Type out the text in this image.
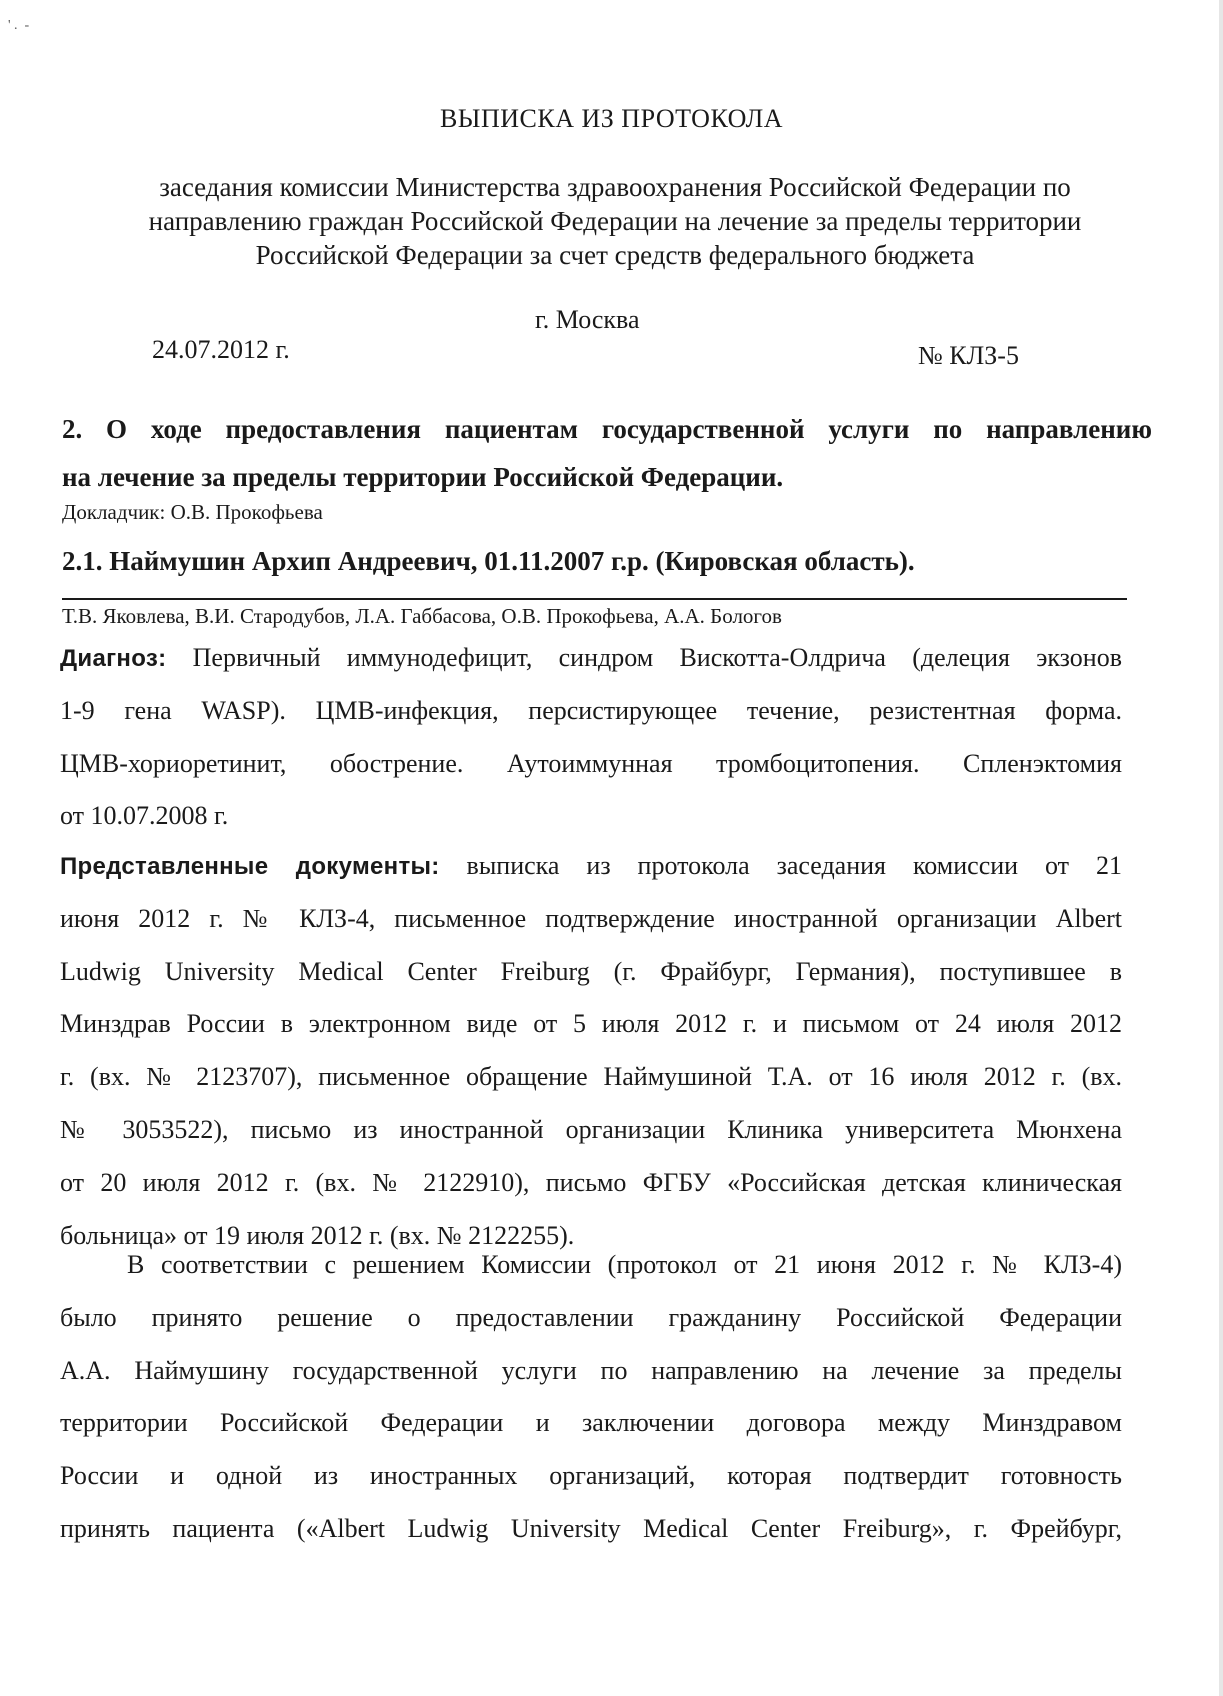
' .  -
ВЫПИСКА ИЗ ПРОТОКОЛА
заседания комиссии Министерства здравоохранения Российской Федерации по
направлению граждан Российской Федерации на лечение за пределы территории
Российской Федерации за счет средств федерального бюджета
г. Москва
24.07.2012 г.	№ КЛЗ-5
2. О ходе предоставления пациентам государственной услуги по направлению
на лечение за пределы территории Российской Федерации.
Докладчик: О.В. Прокофьева
2.1. Наймушин Архип Андреевич, 01.11.2007 г.р. (Кировская область).
Т.В. Яковлева, В.И. Стародубов, Л.А. Габбасова, О.В. Прокофьева, А.А. Бологов
Диагноз: Первичный иммунодефицит, синдром Вискотта-Олдрича (делеция экзонов
1-9 гена WASP). ЦМВ-инфекция, персистирующее течение, резистентная форма.
ЦМВ-хориоретинит, обострение. Аутоиммунная тромбоцитопения. Спленэктомия
от 10.07.2008 г.
Представленные документы: выписка из протокола заседания комиссии от 21
июня 2012 г. № КЛЗ-4, письменное подтверждение иностранной организации Albert
Ludwig University Medical Center Freiburg (г. Фрайбург, Германия), поступившее в
Минздрав России в электронном виде от 5 июля 2012 г. и письмом от 24 июля 2012
г. (вх. № 2123707), письменное обращение Наймушиной Т.А. от 16 июля 2012 г. (вх.
№ 3053522), письмо из иностранной организации Клиника университета Мюнхена
от 20 июля 2012 г. (вх. № 2122910), письмо ФГБУ «Российская детская клиническая
больница» от 19 июля 2012 г. (вх. № 2122255).
В соответствии с решением Комиссии (протокол от 21 июня 2012 г. № КЛЗ-4)
было принято решение о предоставлении гражданину Российской Федерации
А.А. Наймушину государственной услуги по направлению на лечение за пределы
территории Российской Федерации и заключении договора между Минздравом
России и одной из иностранных организаций, которая подтвердит готовность
принять пациента («Albert Ludwig University Medical Center Freiburg», г. Фрейбург,
